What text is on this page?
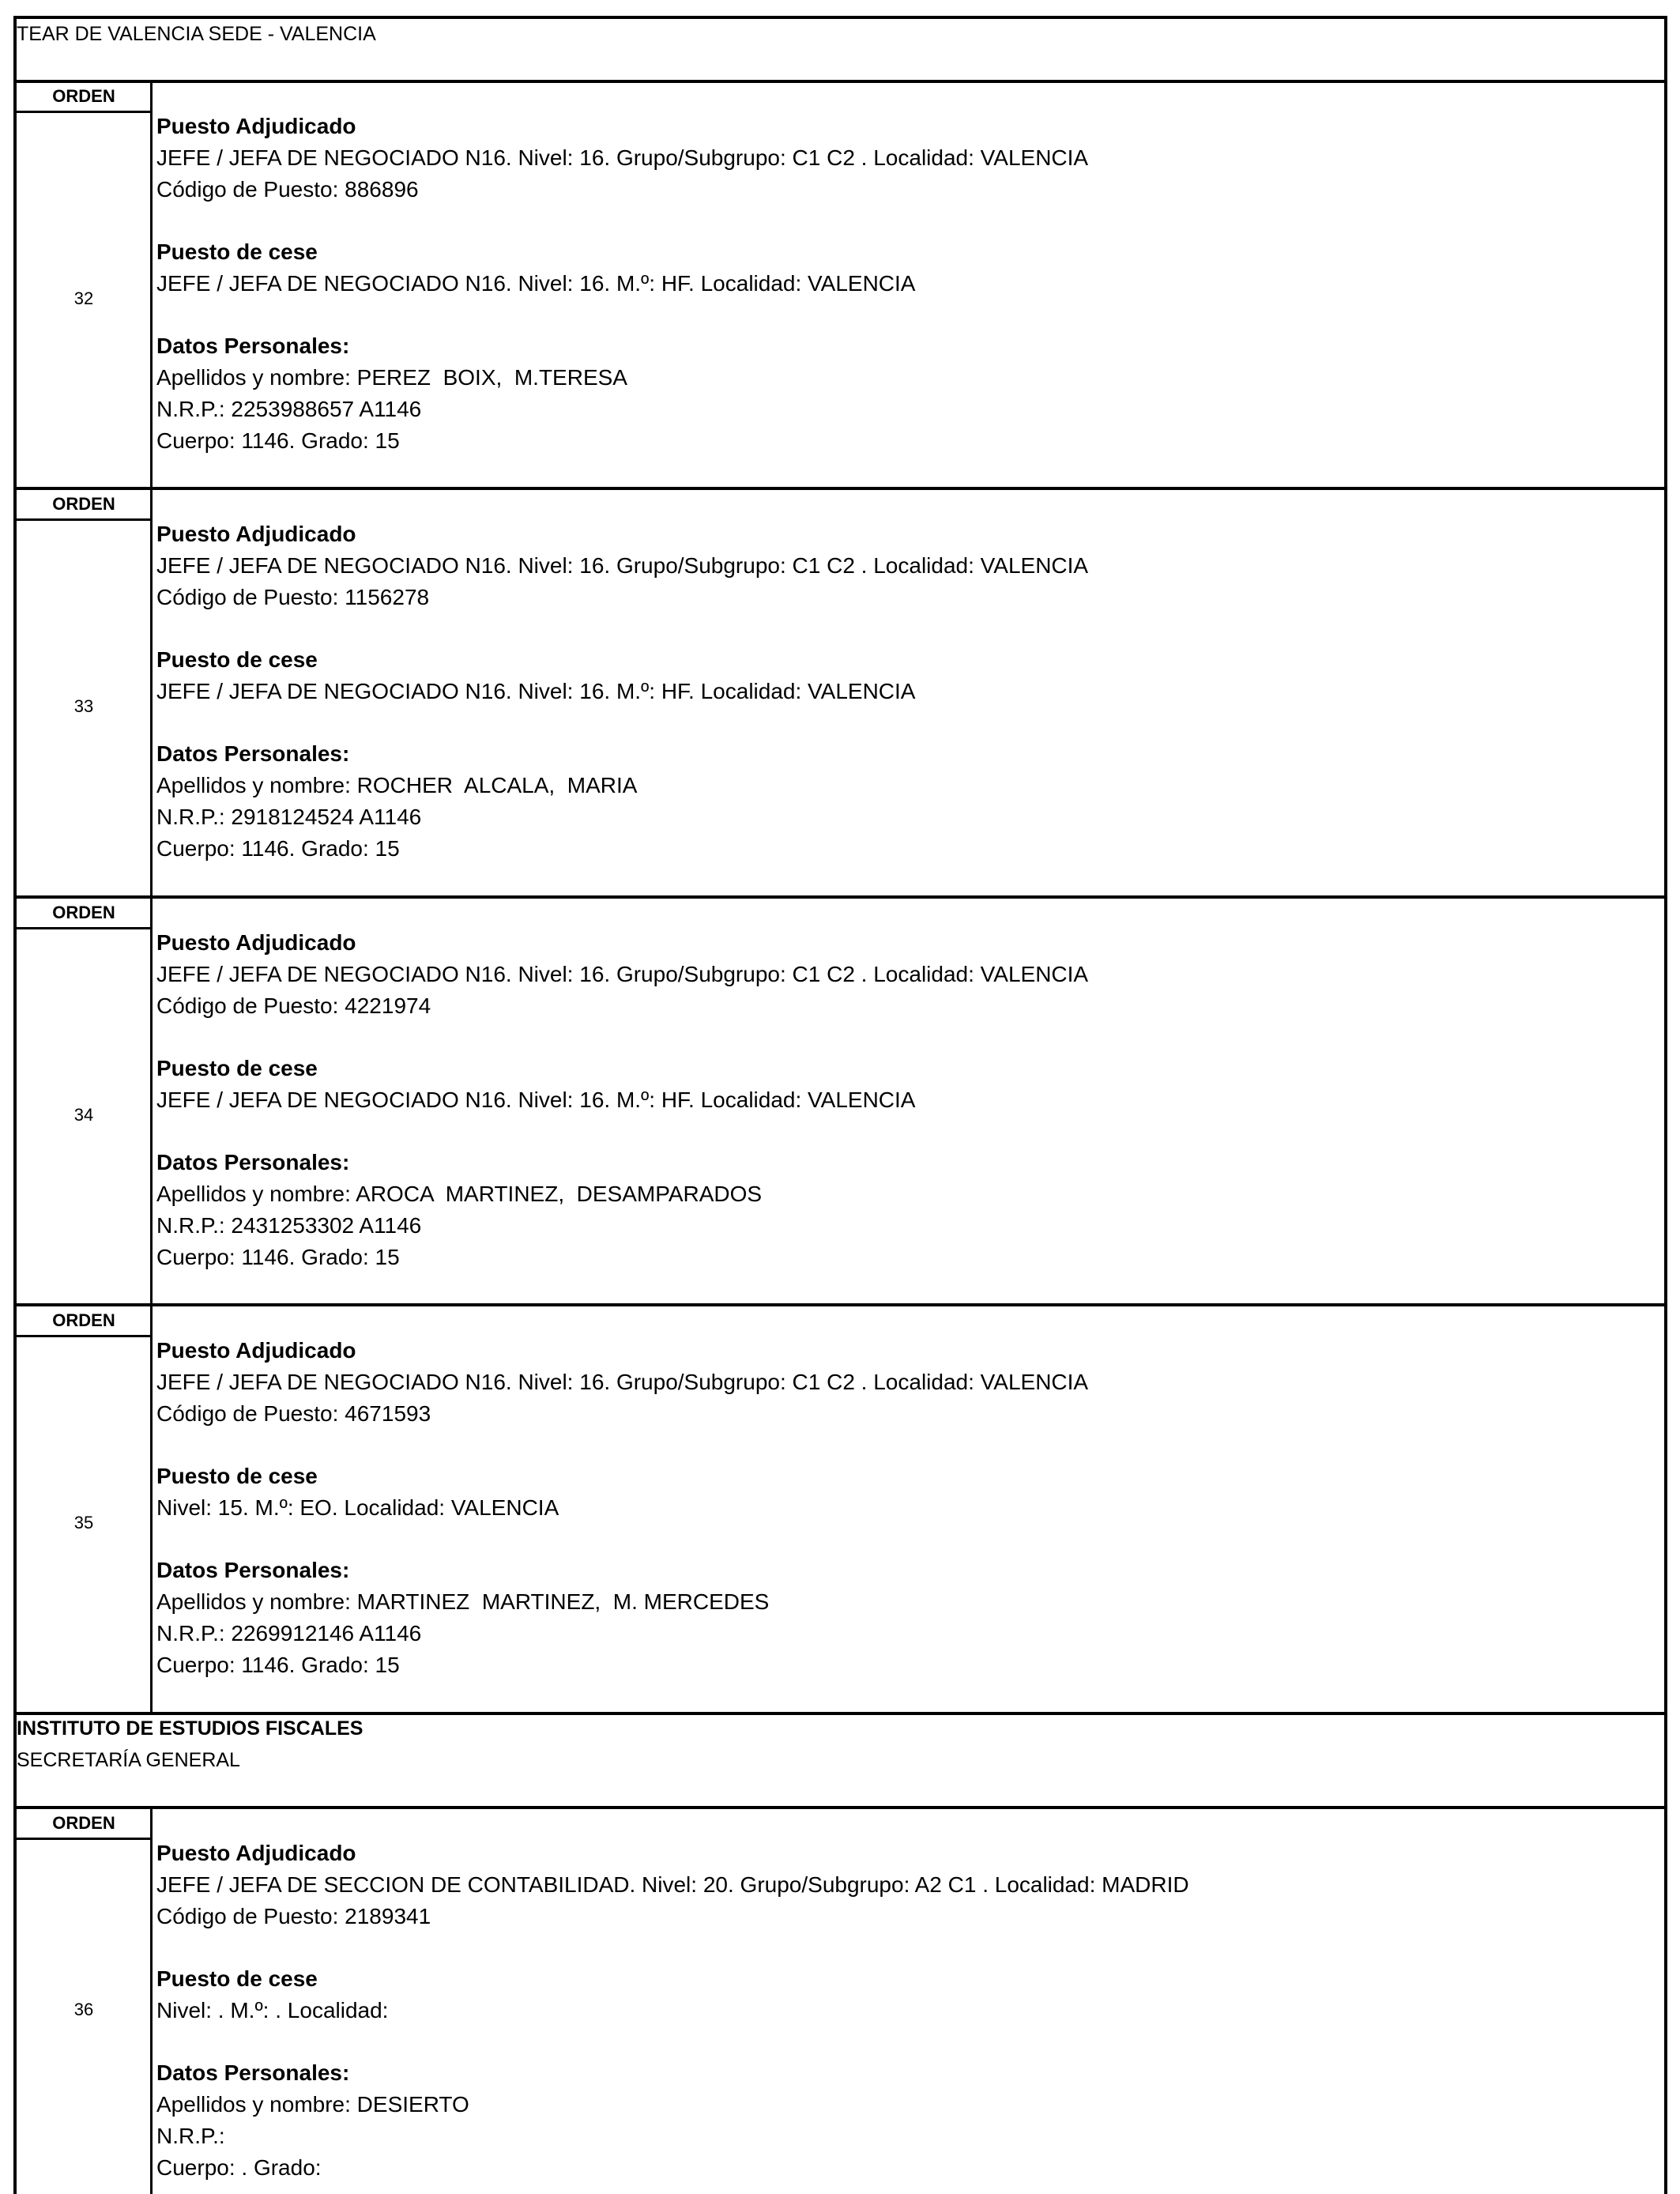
TEAR DE VALENCIA SEDE - VALENCIA
ORDEN
32
Puesto Adjudicado
JEFE / JEFA DE NEGOCIADO N16. Nivel: 16. Grupo/Subgrupo: C1 C2 . Localidad: VALENCIA
Código de Puesto: 886896
Puesto de cese
JEFE / JEFA DE NEGOCIADO N16. Nivel: 16. M.º: HF. Localidad: VALENCIA
Datos Personales:
Apellidos y nombre: PEREZ  BOIX,  M.TERESA
N.R.P.: 2253988657 A1146
Cuerpo: 1146. Grado: 15
ORDEN
33
Puesto Adjudicado
JEFE / JEFA DE NEGOCIADO N16. Nivel: 16. Grupo/Subgrupo: C1 C2 . Localidad: VALENCIA
Código de Puesto: 1156278
Puesto de cese
JEFE / JEFA DE NEGOCIADO N16. Nivel: 16. M.º: HF. Localidad: VALENCIA
Datos Personales:
Apellidos y nombre: ROCHER  ALCALA,  MARIA
N.R.P.: 2918124524 A1146
Cuerpo: 1146. Grado: 15
ORDEN
34
Puesto Adjudicado
JEFE / JEFA DE NEGOCIADO N16. Nivel: 16. Grupo/Subgrupo: C1 C2 . Localidad: VALENCIA
Código de Puesto: 4221974
Puesto de cese
JEFE / JEFA DE NEGOCIADO N16. Nivel: 16. M.º: HF. Localidad: VALENCIA
Datos Personales:
Apellidos y nombre: AROCA  MARTINEZ,  DESAMPARADOS
N.R.P.: 2431253302 A1146
Cuerpo: 1146. Grado: 15
ORDEN
35
Puesto Adjudicado
JEFE / JEFA DE NEGOCIADO N16. Nivel: 16. Grupo/Subgrupo: C1 C2 . Localidad: VALENCIA
Código de Puesto: 4671593
Puesto de cese
Nivel: 15. M.º: EO. Localidad: VALENCIA
Datos Personales:
Apellidos y nombre: MARTINEZ  MARTINEZ,  M. MERCEDES
N.R.P.: 2269912146 A1146
Cuerpo: 1146. Grado: 15
INSTITUTO DE ESTUDIOS FISCALES
SECRETARÍA GENERAL
ORDEN
36
Puesto Adjudicado
JEFE / JEFA DE SECCION DE CONTABILIDAD. Nivel: 20. Grupo/Subgrupo: A2 C1 . Localidad: MADRID
Código de Puesto: 2189341
Puesto de cese
Nivel: . M.º: . Localidad:
Datos Personales:
Apellidos y nombre: DESIERTO
N.R.P.:
Cuerpo: . Grado:
